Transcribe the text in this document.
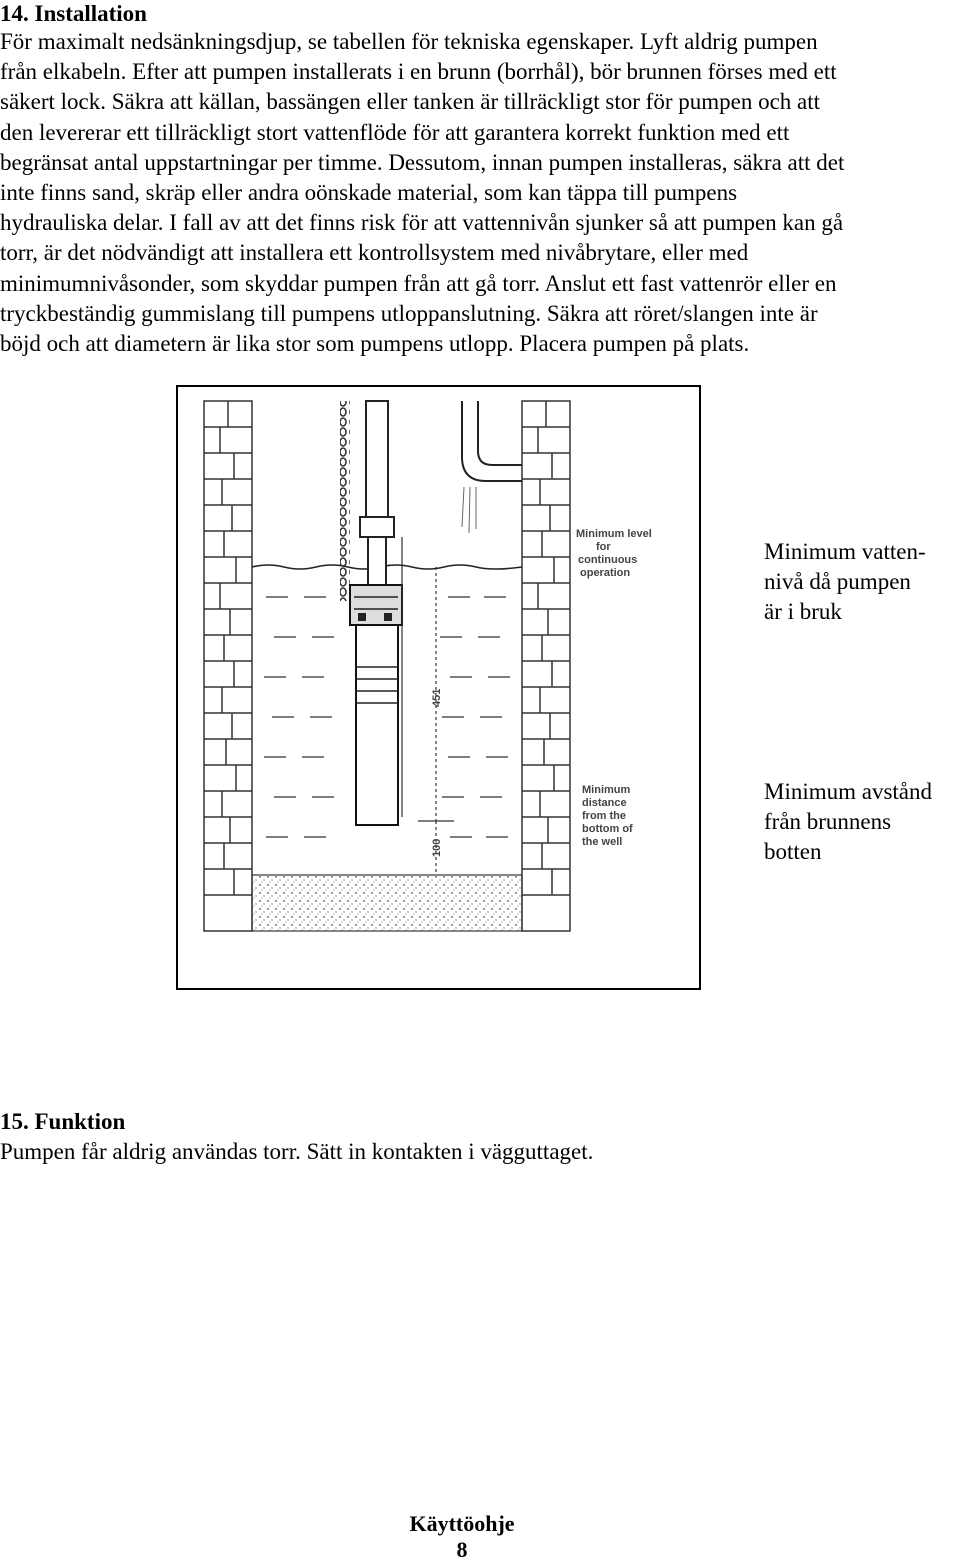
14. Installation
För maximalt nedsänkningsdjup, se tabellen för tekniska egenskaper. Lyft aldrig pumpen
från elkabeln. Efter att pumpen installerats i en brunn (borrhål), bör brunnen förses med ett
säkert lock. Säkra att källan, bassängen eller tanken är tillräckligt stor för pumpen och att
den levererar ett tillräckligt stort vattenflöde för att garantera korrekt funktion med ett
begränsat antal uppstartningar per timme. Dessutom, innan pumpen installeras, säkra att det
inte finns sand, skräp eller andra oönskade material, som kan täppa till pumpens
hydrauliska delar. I fall av att det finns risk för att vattennivån sjunker så att pumpen kan gå
torr, är det nödvändigt att installera ett kontrollsystem med nivåbrytare, eller med
minimumnivåsonder, som skyddar pumpen från att gå torr. Anslut ett fast vattenrör eller en
tryckbeständig gummislang till pumpens utloppanslutning. Säkra att röret/slangen inte är
böjd och att diametern är lika stor som pumpens utlopp. Placera pumpen på plats.
451
100
Minimum level
for
continuous
operation
Minimum
distance
from the
bottom of
the well
Minimum vatten-
nivå då pumpen
är i bruk
Minimum avstånd
från brunnens
botten
15. Funktion
Pumpen får aldrig användas torr. Sätt in kontakten i vägguttaget.
Käyttöohje
8
